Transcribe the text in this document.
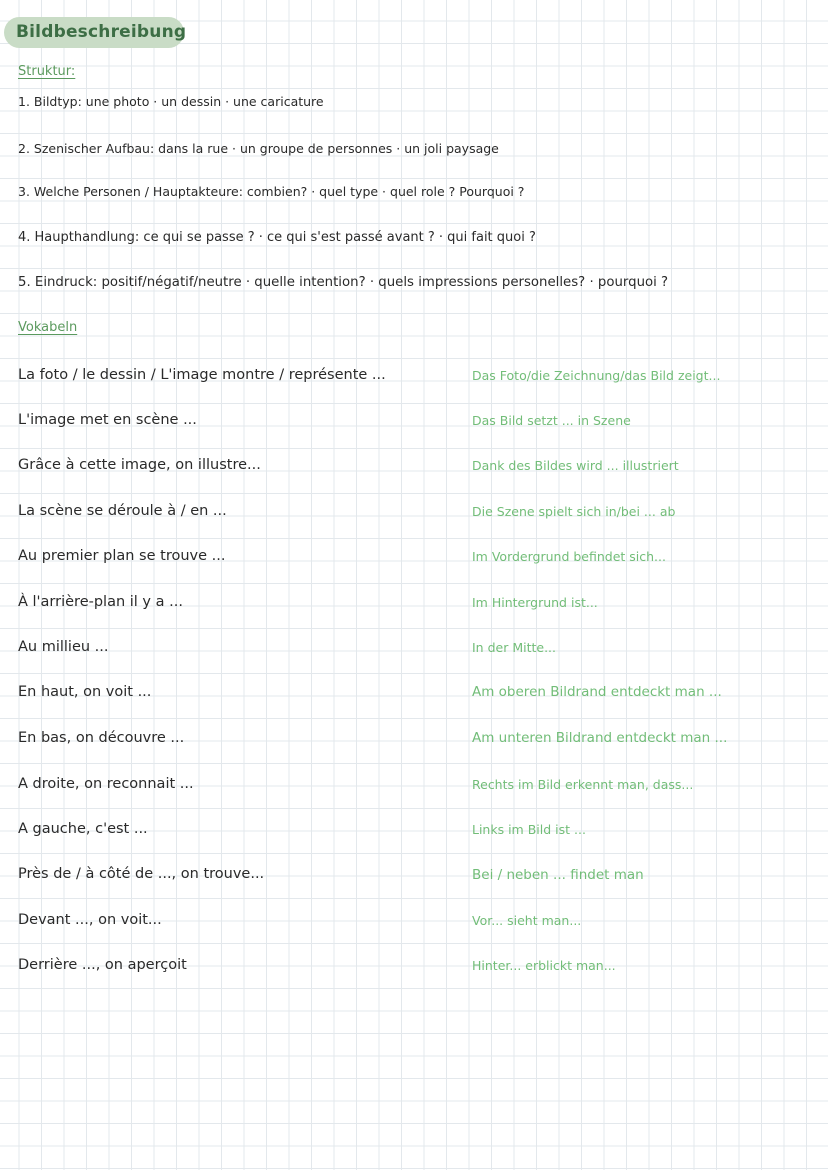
Bildbeschreibung
Struktur:
1. Bildtyp: une photo · un dessin · une caricature
2. Szenischer Aufbau: dans la rue · un groupe de personnes · un joli paysage
3. Welche Personen / Hauptakteure: combien? · quel type · quel role ? Pourquoi ?
4. Haupthandlung: ce qui se passe ? · ce qui s'est passé avant ? · qui fait quoi ?
5. Eindruck: positif/négatif/neutre · quelle intention? · quels impressions personelles? · pourquoi ?
Vokabeln
La foto / le dessin / L'image montre / représente ...	Das Foto/die Zeichnung/das Bild zeigt...
L'image met en scène ...	Das Bild setzt ... in Szene
Grâce à cette image, on illustre...	Dank des Bildes wird ... illustriert
La scène se déroule à / en ...	Die Szene spielt sich in/bei ... ab
Au premier plan se trouve ...	Im Vordergrund befindet sich...
À l'arrière-plan il y a ...	Im Hintergrund ist...
Au millieu ...	In der Mitte...
En haut, on voit ...	Am oberen Bildrand entdeckt man ...
En bas, on découvre ...	Am unteren Bildrand entdeckt man ...
A droite, on reconnait ...	Rechts im Bild erkennt man, dass...
A gauche, c'est ...	Links im Bild ist ...
Près de / à côté de ..., on trouve...	Bei / neben ... findet man
Devant ..., on voit...	Vor... sieht man...
Derrière ..., on aperçoit	Hinter... erblickt man...
